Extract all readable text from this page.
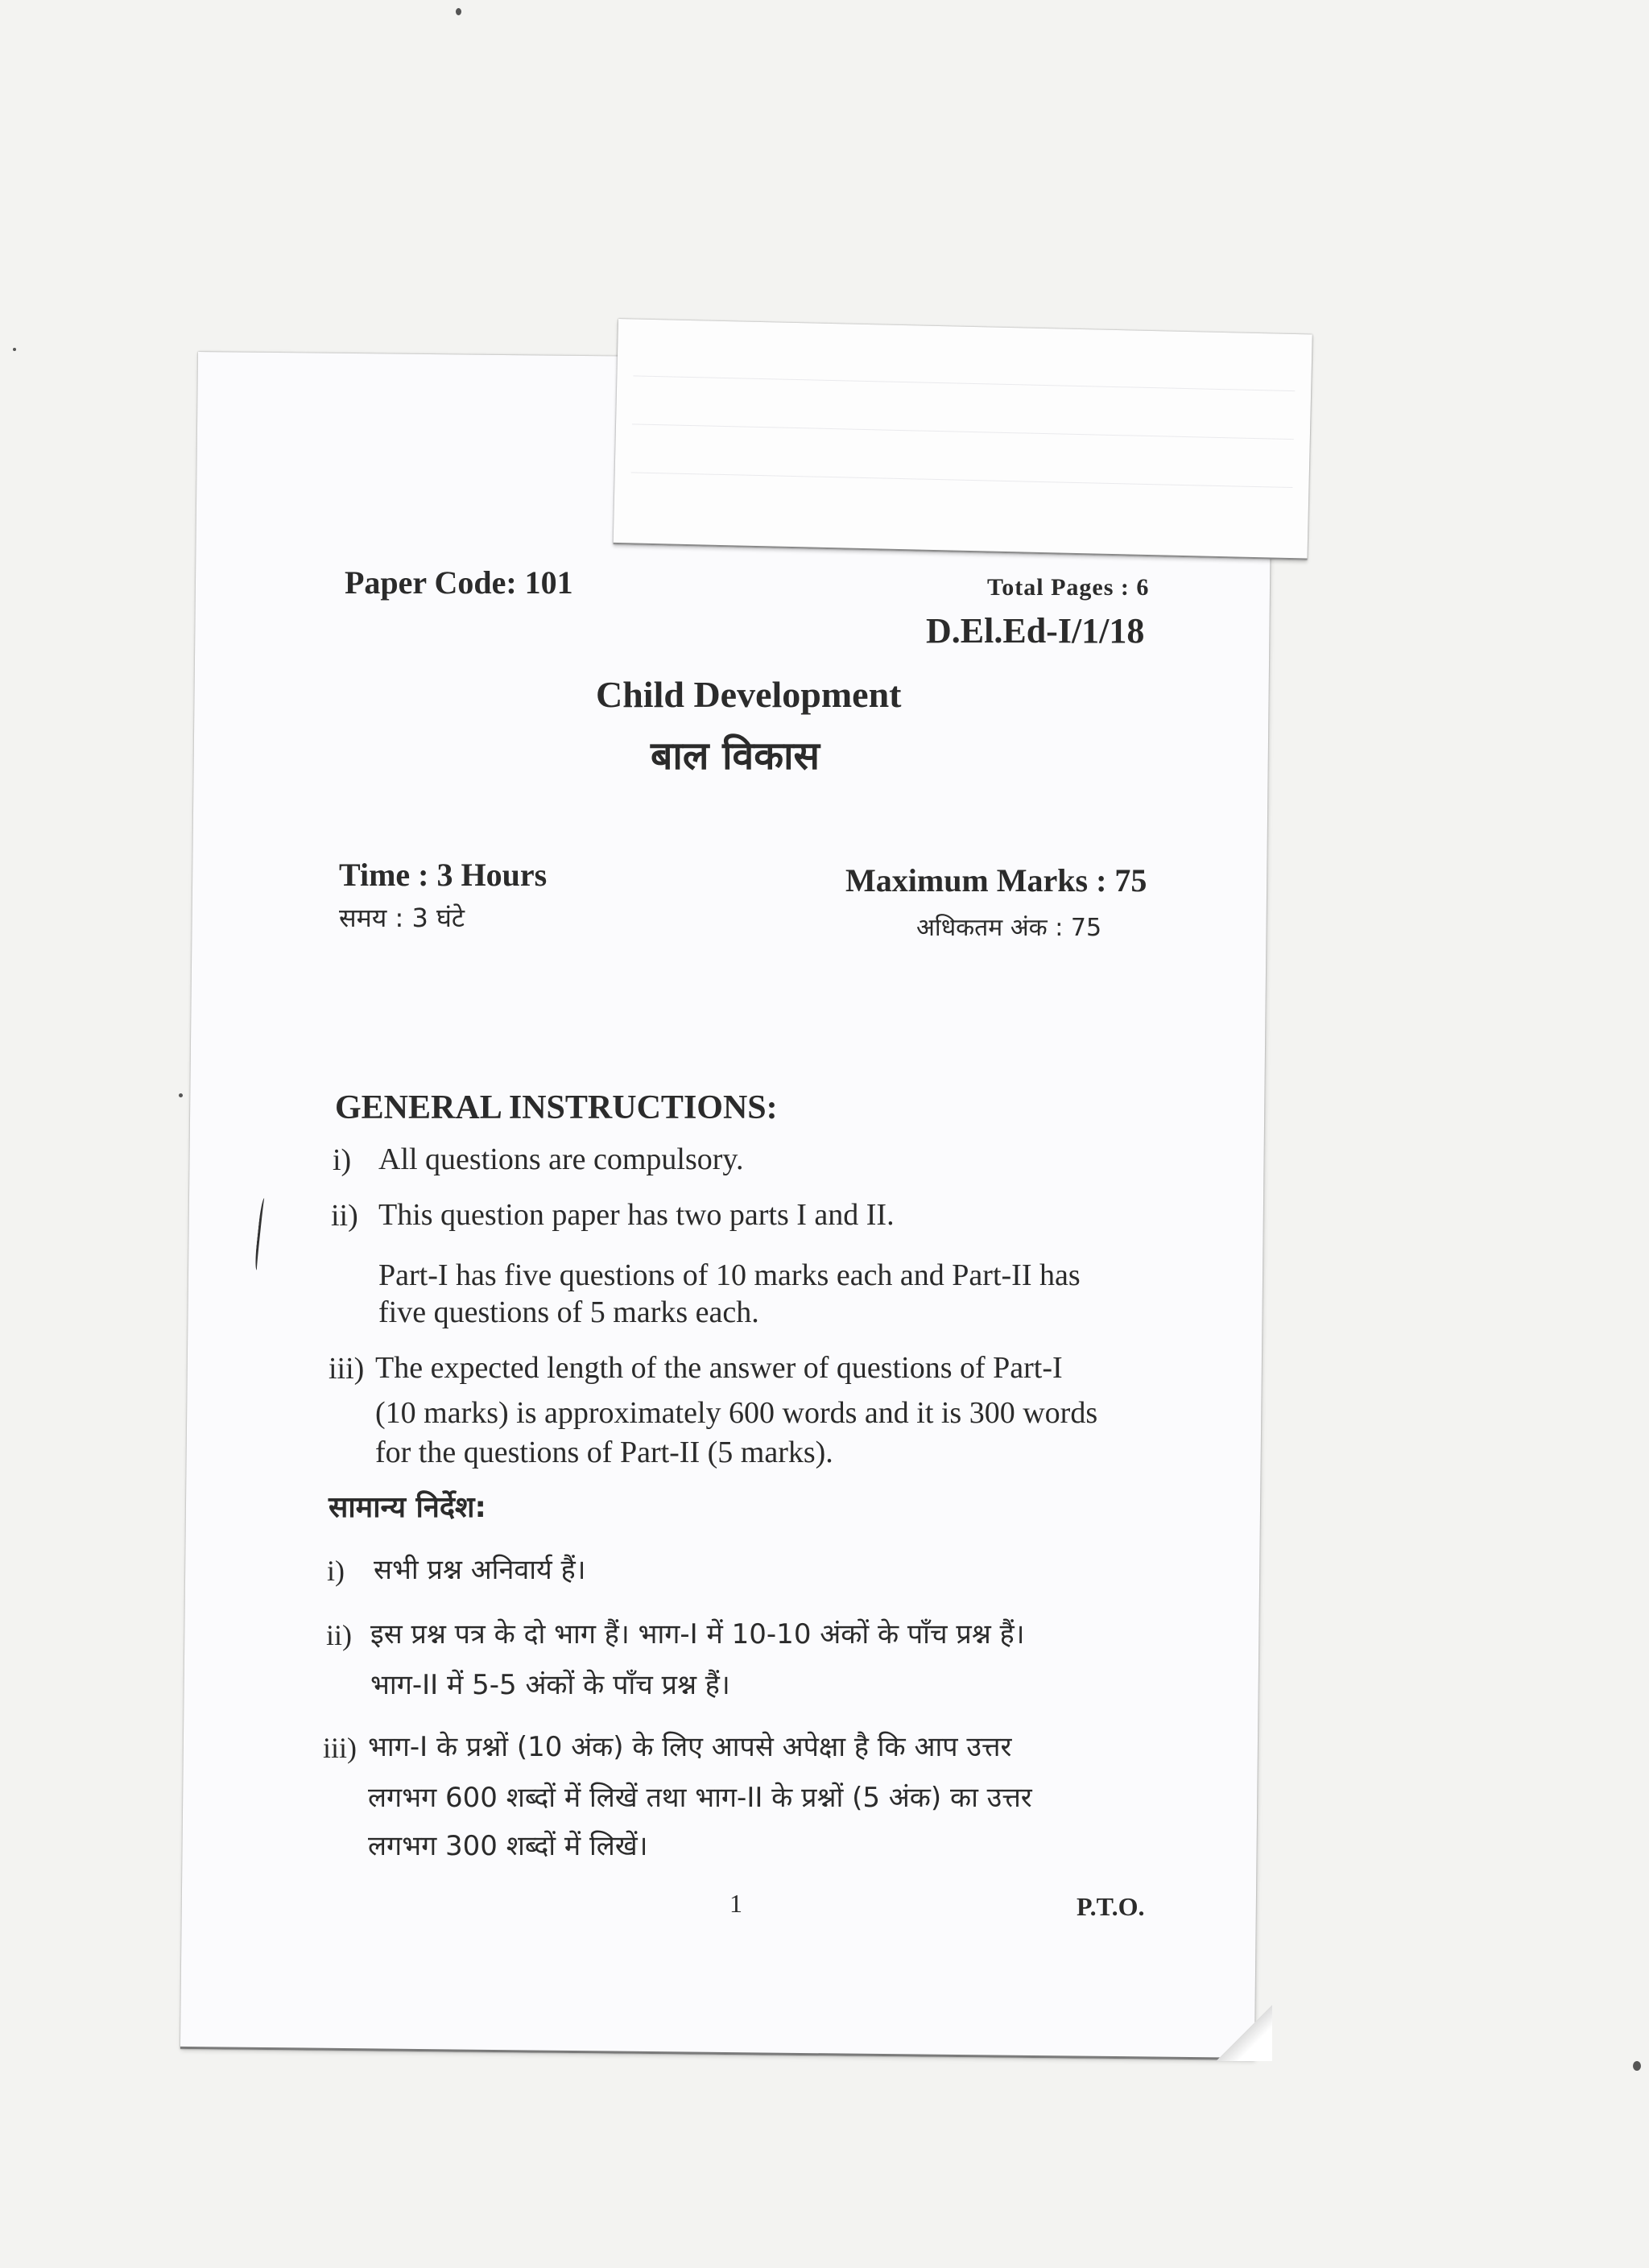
Paper Code: 101	Total Pages : 6
D.El.Ed-I/1/18
Child Development
बाल विकास
Time : 3 Hours
समय : 3 घंटे
Maximum Marks : 75
अधिकतम अंक : 75
GENERAL INSTRUCTIONS:
i) All questions are compulsory.
ii) This question paper has two parts I and II.
Part-I has five questions of 10 marks each and Part-II has
five questions of 5 marks each.
iii) The expected length of the answer of questions of Part-I
(10 marks) is approximately 600 words and it is 300 words
for the questions of Part-II (5 marks).
सामान्य निर्देश:
i) सभी प्रश्न अनिवार्य हैं।
ii) इस प्रश्न पत्र के दो भाग हैं। भाग-I में 10-10 अंकों के पाँच प्रश्न हैं।
भाग-II में 5-5 अंकों के पाँच प्रश्न हैं।
iii) भाग-I के प्रश्नों (10 अंक) के लिए आपसे अपेक्षा है कि आप उत्तर
लगभग 600 शब्दों में लिखें तथा भाग-II के प्रश्नों (5 अंक) का उत्तर
लगभग 300 शब्दों में लिखें।
1	P.T.O.
